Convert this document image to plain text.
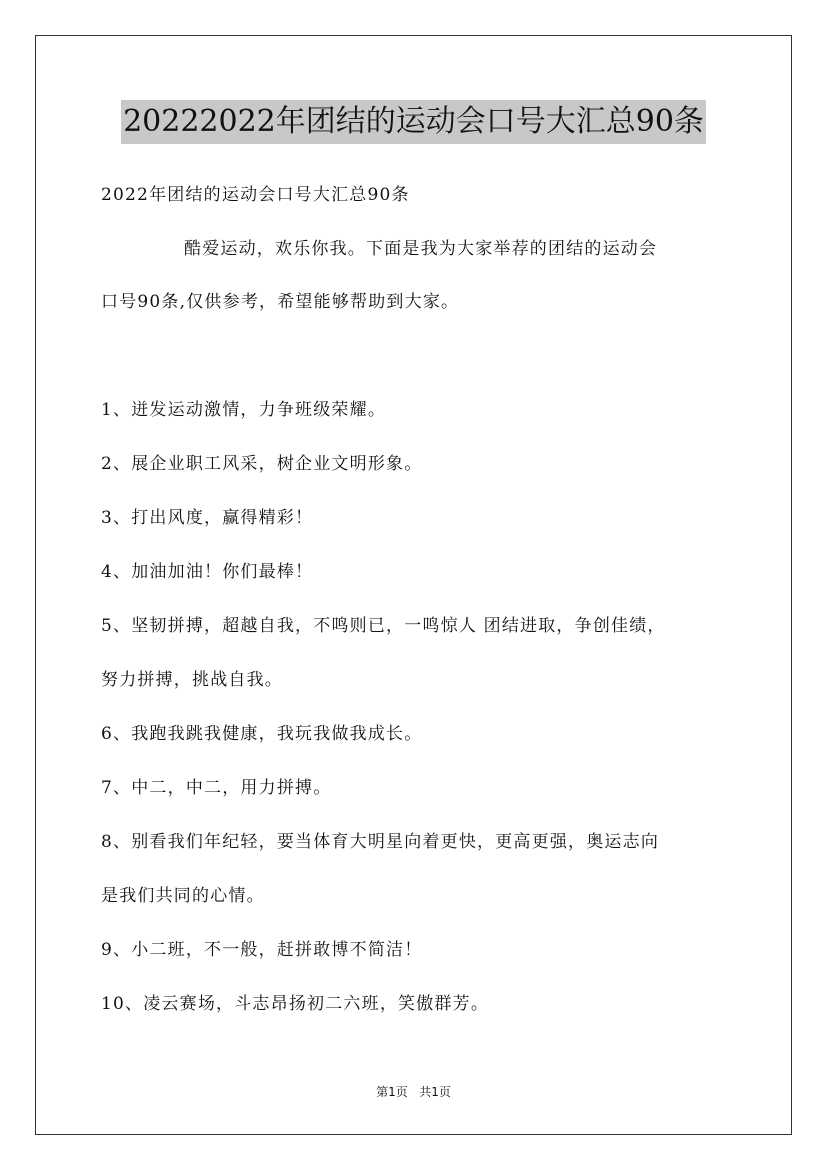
20222022年团结的运动会口号大汇总90条
2022年团结的运动会口号大汇总90条
酷爱运动，欢乐你我。下面是我为大家举荐的团结的运动会
口号90条,仅供参考，希望能够帮助到大家。
1、迸发运动激情，力争班级荣耀。
2、展企业职工风采，树企业文明形象。
3、打出风度，赢得精彩！
4、加油加油！你们最棒！
5、坚韧拼搏，超越自我，不鸣则已，一鸣惊人 团结进取，争创佳绩，
努力拼搏，挑战自我。
6、我跑我跳我健康，我玩我做我成长。
7、中二，中二，用力拼搏。
8、别看我们年纪轻，要当体育大明星向着更快，更高更强，奥运志向
是我们共同的心情。
9、小二班，不一般，赶拼敢博不简洁！
10、凌云赛场，斗志昂扬初二六班，笑傲群芳。
第1页 共1页
